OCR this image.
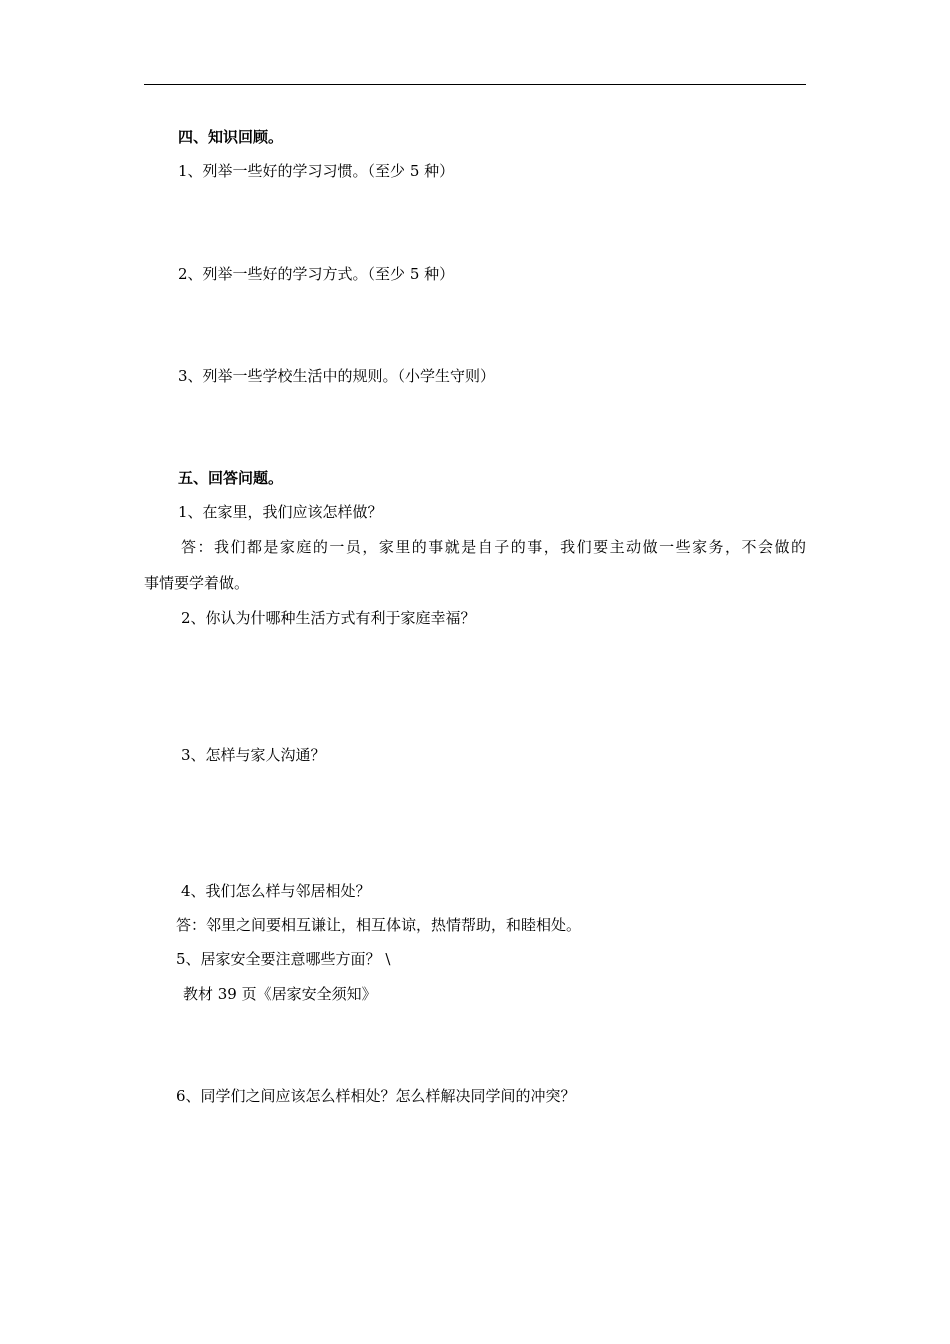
四、知识回顾。
1、列举一些好的学习习惯。（至少 5 种）
2、列举一些好的学习方式。（至少 5 种）
3、列举一些学校生活中的规则。（小学生守则）
五、回答问题。
1、在家里，我们应该怎样做？
答：我们都是家庭的一员，家里的事就是自子的事，我们要主动做一些家务，不会做的
事情要学着做。
2、你认为什哪种生活方式有利于家庭幸福？
3、怎样与家人沟通？
4、我们怎么样与邻居相处？
答：邻里之间要相互谦让，相互体谅，热情帮助，和睦相处。
5、居家安全要注意哪些方面？ \
教材 39 页《居家安全须知》
6、同学们之间应该怎么样相处？怎么样解决同学间的冲突？
